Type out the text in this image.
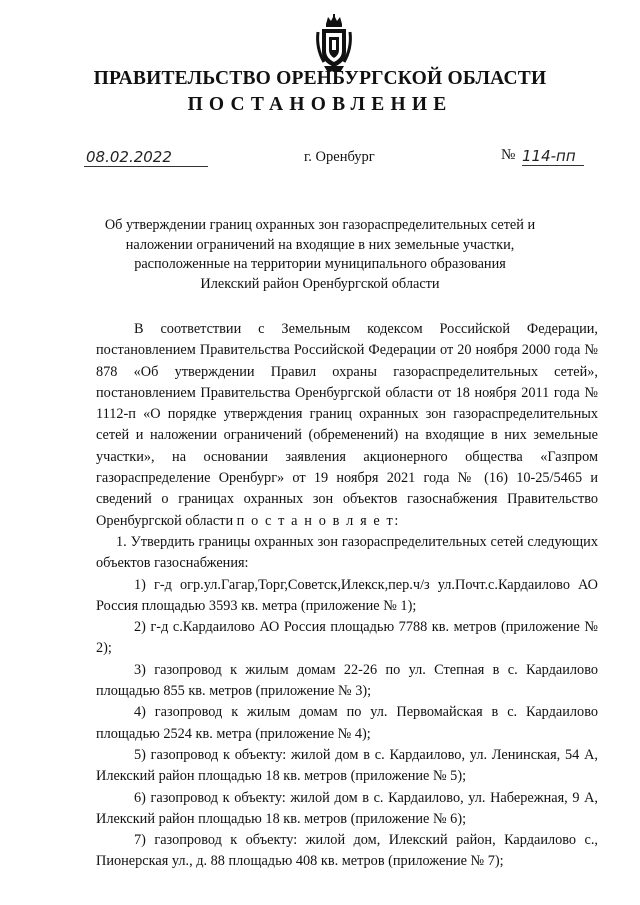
ПРАВИТЕЛЬСТВО ОРЕНБУРГСКОЙ ОБЛАСТИ
ПОСТАНОВЛЕНИЕ
08.02.2022	г. Оренбург	№ 114-пп

Об утверждении границ охранных зон газораспределительных сетей и

наложении ограничений на входящие в них земельные участки,

расположенные на территории муниципального образования

Илекский район Оренбургской области

В соответствии с Земельным кодексом Российской Федерации, постановлением Правительства Российской Федерации от 20 ноября 2000 года № 878 «Об утверждении Правил охраны газораспределительных сетей», постановлением Правительства Оренбургской области от 18 ноября 2011 года № 1112-п «О порядке утверждения границ охранных зон газораспределительных сетей и наложении ограничений (обременений) на входящие в них земельные участки», на основании заявления акционерного общества «Газпром газораспределение Оренбург» от 19 ноября 2021 года № (16) 10-25/5465 и сведений о границах охранных зон объектов газоснабжения Правительство Оренбургской области п о с т а н о в л я е т:

1. Утвердить границы охранных зон газораспределительных сетей следующих объектов газоснабжения:

1) г-д огр.ул.Гагар,Торг,Советск,Илекск,пер.ч/з ул.Почт.с.Кардаилово АО Россия площадью 3593 кв. метра (приложение № 1);

2) г-д с.Кардаилово АО Россия площадью 7788 кв. метров (приложение № 2);

3) газопровод к жилым домам 22-26 по ул. Степная в с. Кардаилово площадью 855 кв. метров (приложение № 3);

4) газопровод к жилым домам по ул. Первомайская в с. Кардаилово площадью 2524 кв. метра (приложение № 4);

5) газопровод к объекту: жилой дом в с. Кардаилово, ул. Ленинская, 54 А, Илекский район площадью 18 кв. метров (приложение № 5);

6) газопровод к объекту: жилой дом в с. Кардаилово, ул. Набережная, 9 А, Илекский район площадью 18 кв. метров (приложение № 6);

7) газопровод к объекту: жилой дом, Илекский район, Кардаилово с., Пионерская ул., д. 88 площадью 408 кв. метров (приложение № 7);
